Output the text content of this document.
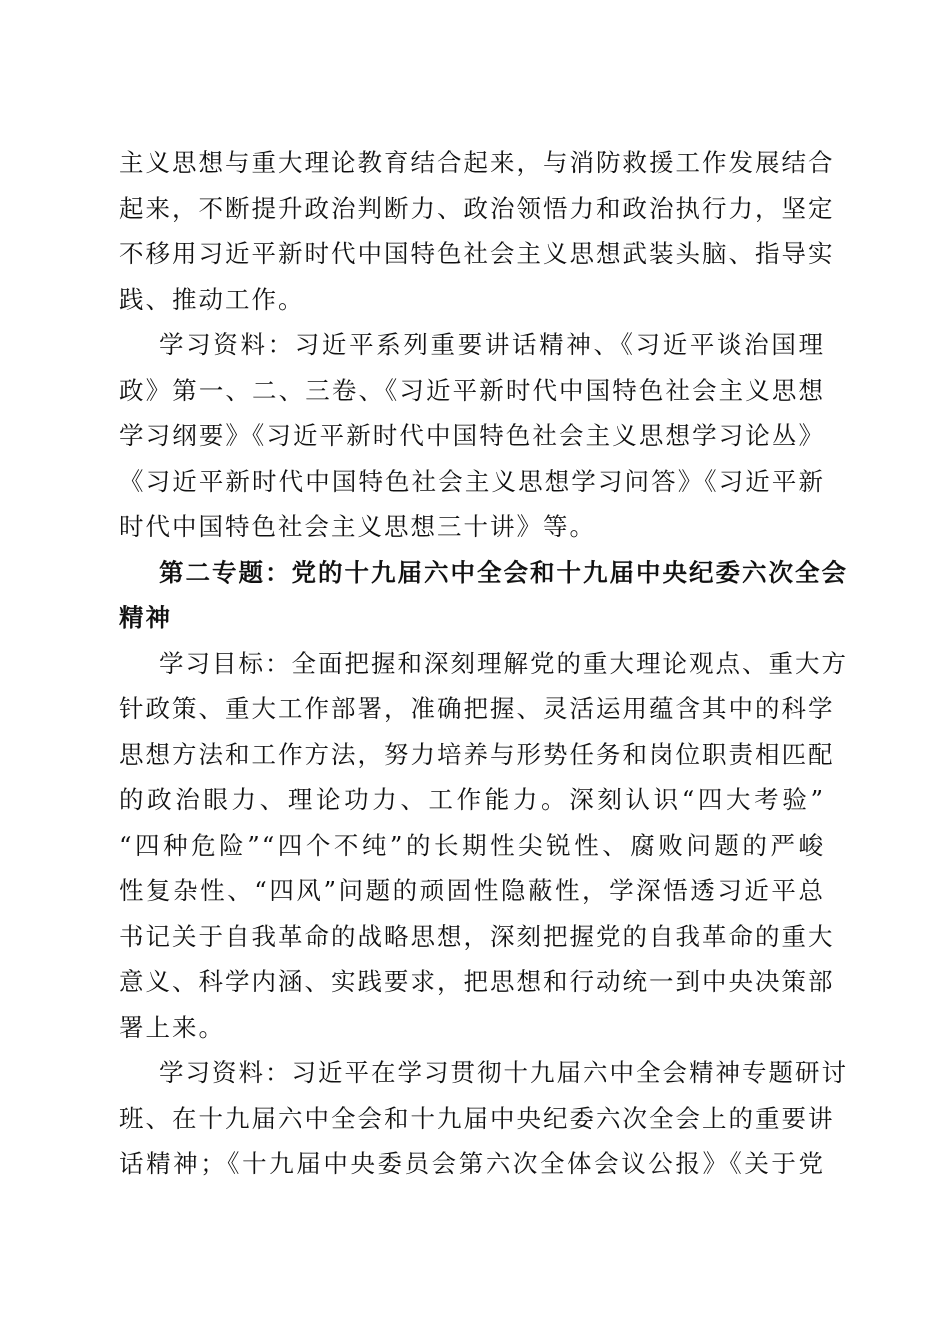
主义思想与重大理论教育结合起来，与消防救援工作发展结合
起来，不断提升政治判断力、政治领悟力和政治执行力，坚定
不移用习近平新时代中国特色社会主义思想武装头脑、指导实
践、推动工作。
学习资料：习近平系列重要讲话精神、《习近平谈治国理
政》第一、二、三卷、《习近平新时代中国特色社会主义思想
学习纲要》《习近平新时代中国特色社会主义思想学习论丛》
《习近平新时代中国特色社会主义思想学习问答》《习近平新
时代中国特色社会主义思想三十讲》等。
第二专题：党的十九届六中全会和十九届中央纪委六次全会
精神
学习目标：全面把握和深刻理解党的重大理论观点、重大方
针政策、重大工作部署，准确把握、灵活运用蕴含其中的科学
思想方法和工作方法，努力培养与形势任务和岗位职责相匹配
的政治眼力、理论功力、工作能力。深刻认识“四大考验”
“四种危险”“四个不纯”的长期性尖锐性、腐败问题的严峻
性复杂性、“四风”问题的顽固性隐蔽性，学深悟透习近平总
书记关于自我革命的战略思想，深刻把握党的自我革命的重大
意义、科学内涵、实践要求，把思想和行动统一到中央决策部
署上来。
学习资料：习近平在学习贯彻十九届六中全会精神专题研讨
班、在十九届六中全会和十九届中央纪委六次全会上的重要讲
话精神；《十九届中央委员会第六次全体会议公报》《关于党
